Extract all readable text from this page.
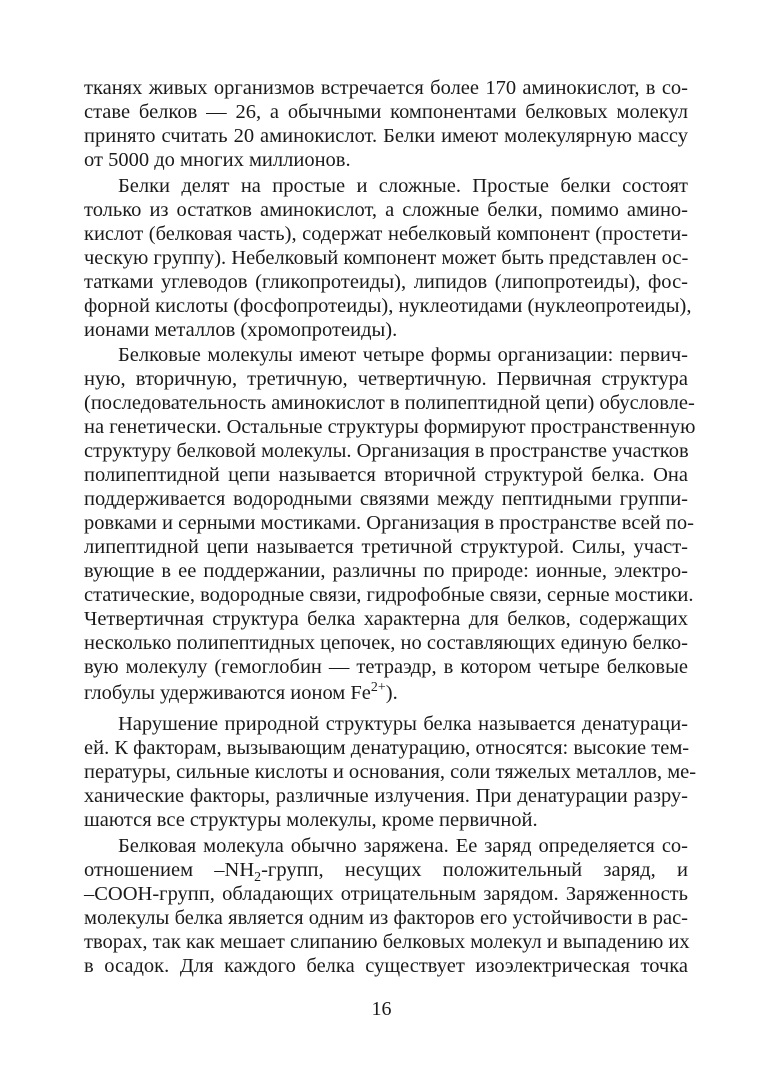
тканях живых организмов встречается более 170 аминокислот, в со-
ставе белков — 26, а обычными компонентами белковых молекул
принято считать 20 аминокислот. Белки имеют молекулярную массу
от 5000 до многих миллионов.
Белки делят на простые и сложные. Простые белки состоят
только из остатков аминокислот, а сложные белки, помимо амино-
кислот (белковая часть), содержат небелковый компонент (простети-
ческую группу). Небелковый компонент может быть представлен ос-
татками углеводов (гликопротеиды), липидов (липопротеиды), фос-
форной кислоты (фосфопротеиды), нуклеотидами (нуклеопротеиды),
ионами металлов (хромопротеиды).
Белковые молекулы имеют четыре формы организации: первич-
ную, вторичную, третичную, четвертичную. Первичная структура
(последовательность аминокислот в полипептидной цепи) обусловле-
на генетически. Остальные структуры формируют пространственную
структуру белковой молекулы. Организация в пространстве участков
полипептидной цепи называется вторичной структурой белка. Она
поддерживается водородными связями между пептидными группи-
ровками и серными мостиками. Организация в пространстве всей по-
липептидной цепи называется третичной структурой. Силы, участ-
вующие в ее поддержании, различны по природе: ионные, электро-
статические, водородные связи, гидрофобные связи, серные мостики.
Четвертичная структура белка характерна для белков, содержащих
несколько полипептидных цепочек, но составляющих единую белко-
вую молекулу (гемоглобин — тетраэдр, в котором четыре белковые
глобулы удерживаются ионом $Fe^{2+}$).
Нарушение природной структуры белка называется денатураци-
ей. К факторам, вызывающим денатурацию, относятся: высокие тем-
пературы, сильные кислоты и основания, соли тяжелых металлов, ме-
ханические факторы, различные излучения. При денатурации разру-
шаются все структуры молекулы, кроме первичной.
Белковая молекула обычно заряжена. Ее заряд определяется со-
отношением $-NH_2$-групп, несущих положительный заряд, и
–COOH-групп, обладающих отрицательным зарядом. Заряженность
молекулы белка является одним из факторов его устойчивости в рас-
творах, так как мешает слипанию белковых молекул и выпадению их
в осадок. Для каждого белка существует изоэлектрическая точка
16
